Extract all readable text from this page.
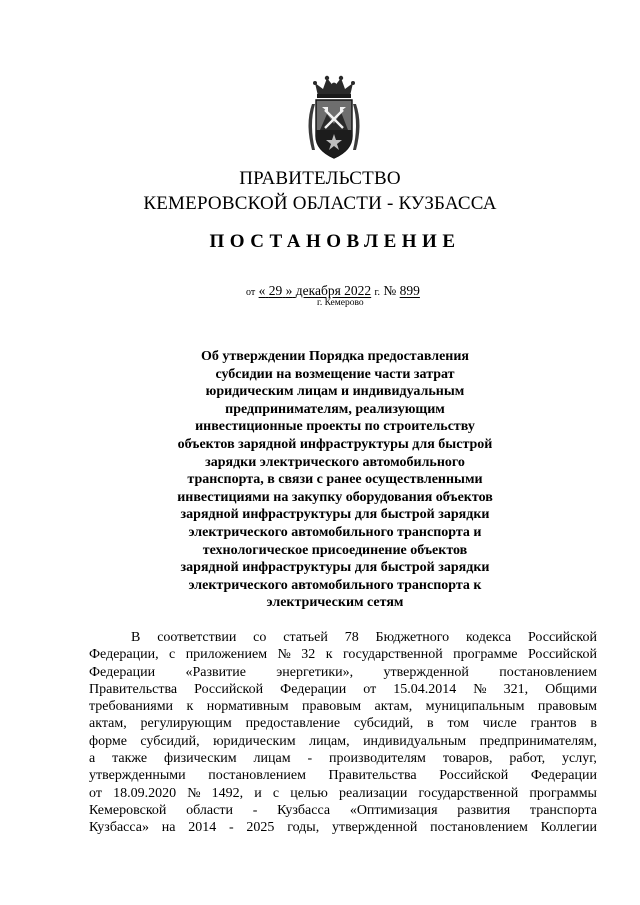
ПРАВИТЕЛЬСТВО
КЕМЕРОВСКОЙ ОБЛАСТИ - КУЗБАССА
ПОСТАНОВЛЕНИЕ
от « 29 » декабря 2022 г. № 899
г. Кемерово
Об утверждении Порядка предоставления
субсидии на возмещение части затрат
юридическим лицам и индивидуальным
предпринимателям, реализующим
инвестиционные проекты по строительству
объектов зарядной инфраструктуры для быстрой
зарядки электрического автомобильного
транспорта, в связи с ранее осуществленными
инвестициями на закупку оборудования объектов
зарядной инфраструктуры для быстрой зарядки
электрического автомобильного транспорта и
технологическое присоединение объектов
зарядной инфраструктуры для быстрой зарядки
электрического автомобильного транспорта к
электрическим сетям
В соответствии со статьей 78 Бюджетного кодекса Российской
Федерации, с приложением № 32 к государственной программе Российской
Федерации «Развитие энергетики», утвержденной постановлением
Правительства Российской Федерации от 15.04.2014 № 321, Общими
требованиями к нормативным правовым актам, муниципальным правовым
актам, регулирующим предоставление субсидий, в том числе грантов в
форме субсидий, юридическим лицам, индивидуальным предпринимателям,
а также физическим лицам - производителям товаров, работ, услуг,
утвержденными постановлением Правительства Российской Федерации
от 18.09.2020 № 1492, и с целью реализации государственной программы
Кемеровской области - Кузбасса «Оптимизация развития транспорта
Кузбасса» на 2014 - 2025 годы, утвержденной постановлением Коллегии
